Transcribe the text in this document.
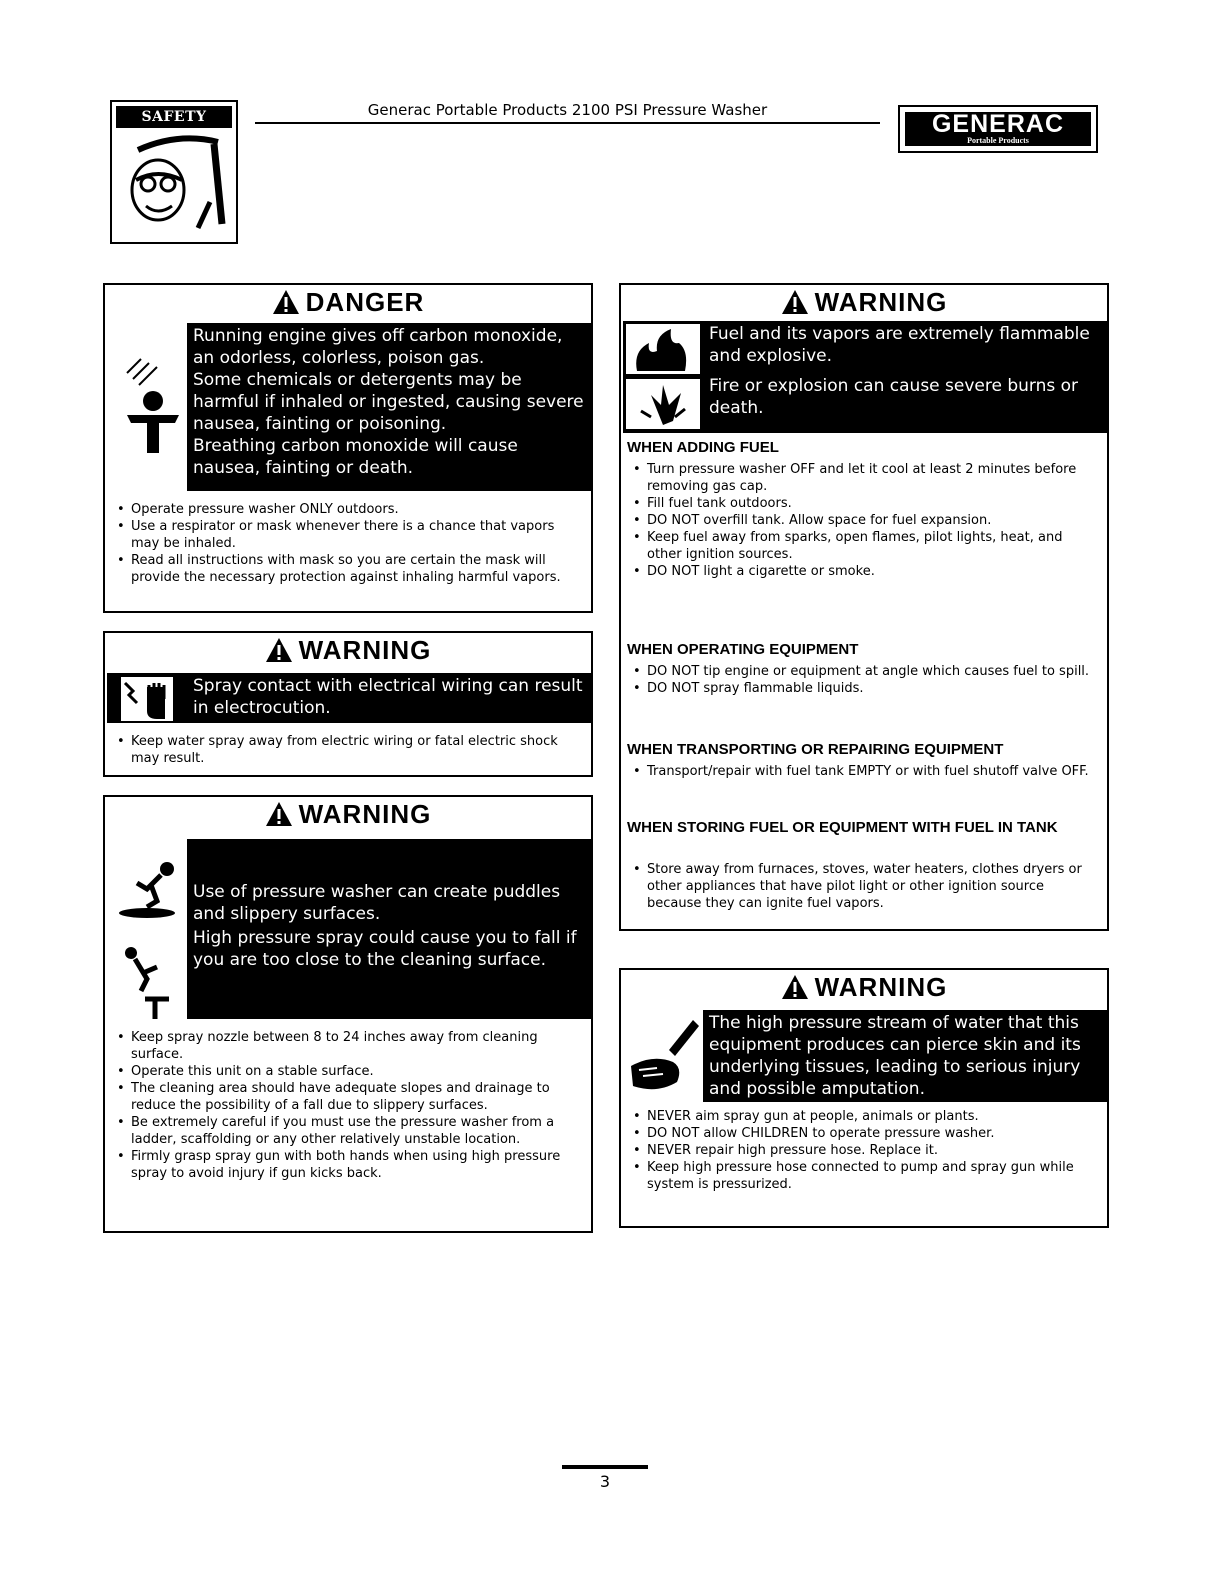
SAFETY RULES
Generac Portable Products 2100 PSI Pressure Washer	GENERAC
Portable Products
DANGER

Running engine gives off carbon monoxide, an odorless, colorless, poison gas.

Some chemicals or detergents may be harmful if inhaled or ingested, causing severe nausea, fainting or poisoning.

Breathing carbon monoxide will cause nausea, fainting or death.

• Operate pressure washer ONLY outdoors.
• Use a respirator or mask whenever there is a chance that vapors may be inhaled.
• Read all instructions with mask so you are certain the mask will provide the necessary protection against inhaling harmful vapors.
WARNING

Spray contact with electrical wiring can result in electrocution.

• Keep water spray away from electric wiring or fatal electric shock may result.
WARNING

Use of pressure washer can create puddles and slippery surfaces.

High pressure spray could cause you to fall if you are too close to the cleaning surface.

• Keep spray nozzle between 8 to 24 inches away from cleaning surface.
• Operate this unit on a stable surface.
• The cleaning area should have adequate slopes and drainage to reduce the possibility of a fall due to slippery surfaces.
• Be extremely careful if you must use the pressure washer from a ladder, scaffolding or any other relatively unstable location.
• Firmly grasp spray gun with both hands when using high pressure spray to avoid injury if gun kicks back.
WARNING

Fuel and its vapors are extremely flammable and explosive.

Fire or explosion can cause severe burns or death.

WHEN ADDING FUEL
• Turn pressure washer OFF and let it cool at least 2 minutes before removing gas cap.
• Fill fuel tank outdoors.
• DO NOT overfill tank. Allow space for fuel expansion.
• Keep fuel away from sparks, open flames, pilot lights, heat, and other ignition sources.
• DO NOT light a cigarette or smoke.
WHEN OPERATING EQUIPMENT
• DO NOT tip engine or equipment at angle which causes fuel to spill.
• DO NOT spray flammable liquids.
WHEN TRANSPORTING OR REPAIRING EQUIPMENT
• Transport/repair with fuel tank EMPTY or with fuel shutoff valve OFF.
WHEN STORING FUEL OR EQUIPMENT WITH FUEL IN TANK
• Store away from furnaces, stoves, water heaters, clothes dryers or other appliances that have pilot light or other ignition source because they can ignite fuel vapors.
WARNING

The high pressure stream of water that this equipment produces can pierce skin and its underlying tissues, leading to serious injury and possible amputation.

• NEVER aim spray gun at people, animals or plants.
• DO NOT allow CHILDREN to operate pressure washer.
• NEVER repair high pressure hose. Replace it.
• Keep high pressure hose connected to pump and spray gun while system is pressurized.
3
